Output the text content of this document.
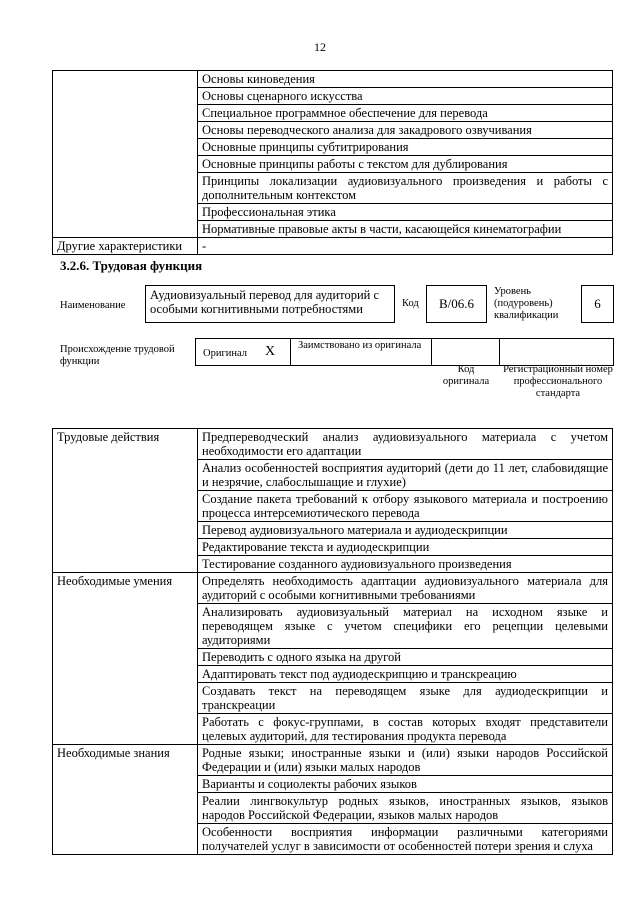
12
	Основы киноведения
	Основы сценарного искусства
	Специальное программное обеспечение для перевода
	Основы переводческого анализа для закадрового озвучивания
	Основные принципы субтитрирования
	Основные принципы работы с текстом для дублирования
	Принципы локализации аудиовизуального произведения и работы с дополнительным контекстом
	Профессиональная этика
	Нормативные правовые акты в части, касающейся кинематографии
Другие характеристики	-
3.2.6. Трудовая функция
Наименование
Аудиовизуальный перевод для аудиторий с особыми когнитивными потребностями	Код B/06.6
Уровень (подуровень) квалификации
6
Происхождение трудовой функции
Оригинал X Заимствовано из оригинала
Код оригинала
Регистрационный номер профессионального стандарта
Трудовые действия	Предпереводческий анализ аудиовизуального материала с учетом необходимости его адаптации
	Анализ особенностей восприятия аудиторий (дети до 11 лет, слабовидящие и незрячие, слабослышащие и глухие)
	Создание пакета требований к отбору языкового материала и построению процесса интерсемиотического перевода
	Перевод аудиовизуального материала и аудиодескрипции
	Редактирование текста и аудиодескрипции
	Тестирование созданного аудиовизуального произведения
Необходимые умения	Определять необходимость адаптации аудиовизуального материала для аудиторий с особыми когнитивными требованиями
	Анализировать аудиовизуальный материал на исходном языке и переводящем языке с учетом специфики его рецепции целевыми аудиториями
	Переводить с одного языка на другой
	Адаптировать текст под аудиодескрипцию и транскреацию
	Создавать текст на переводящем языке для аудиодескрипции и транскреации
	Работать с фокус-группами, в состав которых входят представители целевых аудиторий, для тестирования продукта перевода
Необходимые знания	Родные языки; иностранные языки и (или) языки народов Российской Федерации и (или) языки малых народов
	Варианты и социолекты рабочих языков
	Реалии лингвокультур родных языков, иностранных языков, языков народов Российской Федерации, языков малых народов
	Особенности восприятия информации различными категориями получателей услуг в зависимости от особенностей потери зрения и слуха
